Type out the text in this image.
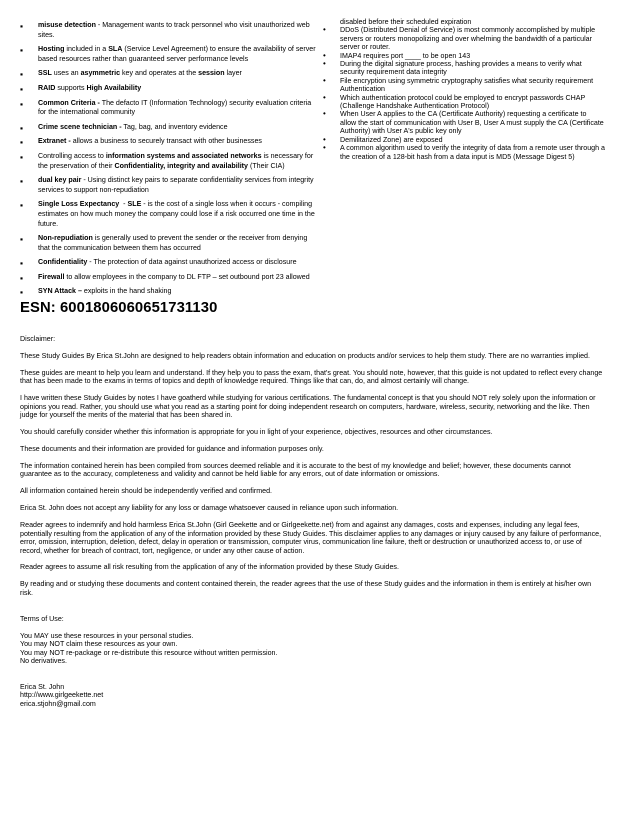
▪ misuse detection - Management wants to track personnel who visit unauthorized web sites.
▪ Hosting included in a SLA (Service Level Agreement) to ensure the availability of server based resources rather than guaranteed server performance levels
▪ SSL uses an asymmetric key and operates at the session layer
▪ RAID supports High Availability
▪ Common Criteria - The defacto IT (Information Technology) security evaluation criteria for the international community
▪ Crime scene technician - Tag, bag, and inventory evidence
▪ Extranet - allows a business to securely transact with other businesses
▪ Controlling access to information systems and associated networks is necessary for the preservation of their Confidentiality, integrity and availability (Their CIA)
▪ dual key pair - Using distinct key pairs to separate confidentiality services from integrity services to support non-repudiation
▪ Single Loss Expectancy  - SLE - is the cost of a single loss when it occurs - compiling estimates on how much money the company could lose if a risk occurred one time in the future.
▪ Non-repudiation is generally used to prevent the sender or the receiver from denying that the communication between them has occurred
▪ Confidentiality - The protection of data against unauthorized access or disclosure
▪ Firewall to allow employees in the company to DL FTP – set outbound port 23 allowed
▪ SYN Attack – exploits in the hand shaking
disabled before their scheduled expiration
• DDoS (Distributed Denial of Service) is most commonly accomplished by multiple
servers or routers monopolizing and over whelming the bandwidth of a particular
server or router.
• IMAP4 requires port ____ to be open 143
• During the digital signature process, hashing provides a means to verify what
security requirement data integrity
• File encryption using symmetric cryptography satisfies what security requirement
Authentication
• Which authentication protocol could be employed to encrypt passwords CHAP
(Challenge Handshake Authentication Protocol)
• When User A applies to the CA (Certificate Authority) requesting a certificate to
allow the start of communication with User B, User A must supply the CA (Certificate
Authority) with User A's public key only
• Demilitarized Zone) are exposed
• A common algorithm used to verify the integrity of data from a remote user through a
the creation of a 128-bit hash from a data input is MD5 (Message Digest 5)
ESN: 6001806060651731130
Disclaimer:
These Study Guides By Erica St.John are designed to help readers obtain information and education on products and/or services to help them study. There are no warranties implied.
These guides are meant to help you learn and understand. If they help you to pass the exam, that's great. You should note, however, that this guide is not updated to reflect every change
that has been made to the exams in terms of topics and depth of knowledge required. Things like that can, do, and almost certainly will change.
I have written these Study Guides by notes I have goatherd while studying for various certifications. The fundamental concept is that you should NOT rely solely upon the information or
opinions you read. Rather, you should use what you read as a starting point for doing independent research on computers, hardware, wireless, security, networking and the like. Then
judge for yourself the merits of the material that has been shared in.
You should carefully consider whether this information is appropriate for you in light of your experience, objectives, resources and other circumstances.
These documents and their information are provided for guidance and information purposes only.
The information contained herein has been compiled from sources deemed reliable and it is accurate to the best of my knowledge and belief; however, these documents cannot
guarantee as to the accuracy, completeness and validity and cannot be held liable for any errors, out of date information or omissions.
All information contained herein should be independently verified and confirmed.
Erica St. John does not accept any liability for any loss or damage whatsoever caused in reliance upon such information.
Reader agrees to indemnify and hold harmless Erica St.John (Girl Geekette and or Girlgeekette.net) from and against any damages, costs and expenses, including any legal fees,
potentially resulting from the application of any of the information provided by these Study Guides. This disclaimer applies to any damages or injury caused by any failure of performance,
error, omission, interruption, deletion, defect, delay in operation or transmission, computer virus, communication line failure, theft or destruction or unauthorized access to, or use of
record, whether for breach of contract, tort, negligence, or under any other cause of action.
Reader agrees to assume all risk resulting from the application of any of the information provided by these Study Guides.
By reading and or studying these documents and content contained therein, the reader agrees that the use of these Study guides and the information in them is entirely at his/her own
risk.
Terms of Use:
You MAY use these resources in your personal studies.
You may NOT claim these resources as your own.
You may NOT re-package or re-distribute this resource without written permission.
No derivatives.
Erica St. John
http://www.girlgeekette.net
erica.stjohn@gmail.com
